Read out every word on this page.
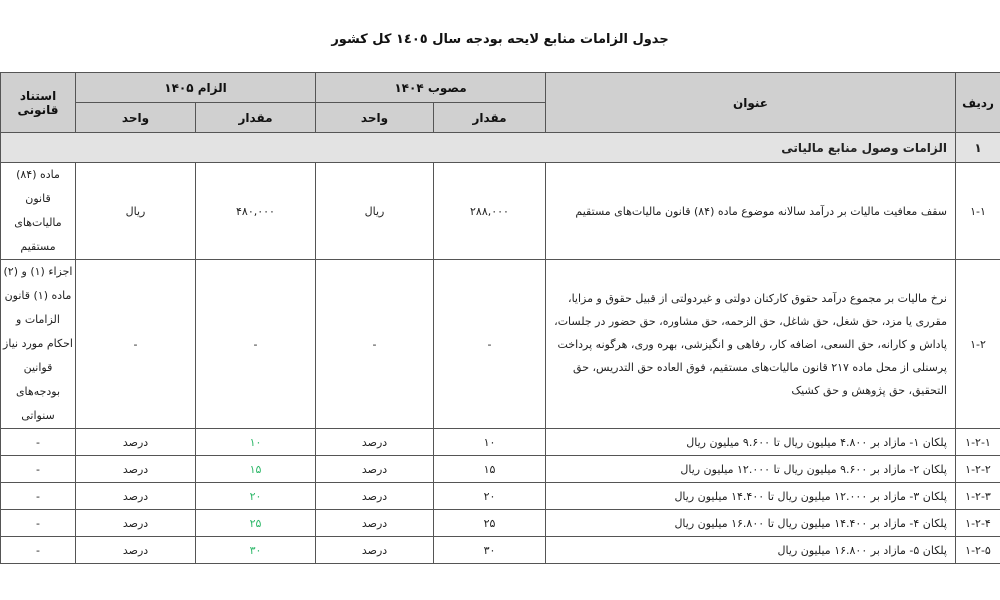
جدول الزامات منابع لایحه بودجه سال ۱٤۰٥ کل کشور
ردیف	عنوان	مصوب ۱۴۰۴		الزام ۱۴۰۵		استناد قانونی
		مقدار	واحد	مقدار	واحد	
۱	الزامات وصول منابع مالیاتی					
۱-۱	سقف معافیت مالیات بر درآمد سالانه موضوع ماده (۸۴) قانون مالیات‌های مستقیم	۲۸۸,۰۰۰	ریال	۴۸۰,۰۰۰	ریال	ماده (۸۴) قانون مالیات‌های مستقیم
۱-۲	نرخ مالیات بر مجموع درآمد حقوق کارکنان دولتی و غیردولتی از قبیل حقوق و مزایا، مقرری یا مزد، حق شغل، حق شاغل، حق الزحمه، حق مشاوره، حق حضور در جلسات، پاداش و کارانه، حق السعی، اضافه کار، رفاهی و انگیزشی، بهره وری، هرگونه پرداخت پرسنلی از محل ماده ۲۱۷ قانون مالیات‌های مستقیم، فوق العاده حق التدریس، حق التحقیق، حق پژوهش و حق کشیک	-	-	-	-	اجزاء (۱) و (۲) ماده (۱) قانون الزامات و احکام مورد نیاز قوانین بودجه‌های سنواتی
۱-۲-۱	پلکان ۱- مازاد بر ۴.۸۰۰ میلیون ریال تا ۹.۶۰۰ میلیون ریال	۱۰	درصد	۱۰	درصد	-
۱-۲-۲	پلکان ۲- مازاد بر ۹.۶۰۰ میلیون ریال تا ۱۲.۰۰۰ میلیون ریال	۱۵	درصد	۱۵	درصد	-
۱-۲-۳	پلکان ۳- مازاد بر ۱۲.۰۰۰ میلیون ریال تا ۱۴.۴۰۰ میلیون ریال	۲۰	درصد	۲۰	درصد	-
۱-۲-۴	پلکان ۴- مازاد بر ۱۴.۴۰۰ میلیون ریال تا ۱۶.۸۰۰ میلیون ریال	۲۵	درصد	۲۵	درصد	-
۱-۲-۵	پلکان ۵- مازاد بر ۱۶.۸۰۰ میلیون ریال	۳۰	درصد	۳۰	درصد	-
